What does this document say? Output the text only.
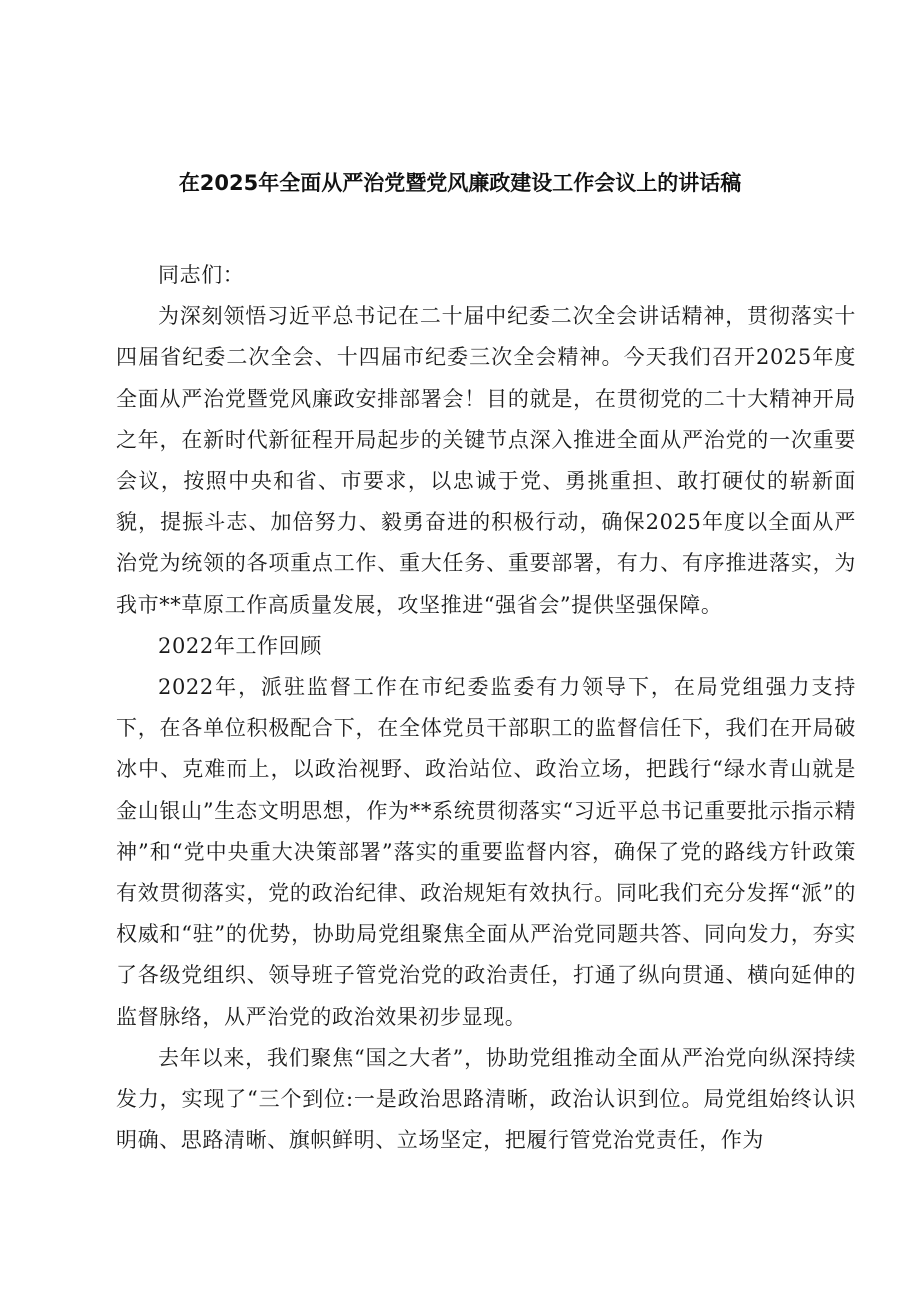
在2025年全面从严治党暨党风廉政建设工作会议上的讲话稿

同志们：

为深刻领悟习近平总书记在二十届中纪委二次全会讲话精神，贯彻落实十四届省纪委二次全会、十四届市纪委三次全会精神。今天我们召开2025年度全面从严治党暨党风廉政安排部署会！目的就是，在贯彻党的二十大精神开局之年，在新时代新征程开局起步的关键节点深入推进全面从严治党的一次重要会议，按照中央和省、市要求，以忠诚于党、勇挑重担、敢打硬仗的崭新面貌，提振斗志、加倍努力、毅勇奋进的积极行动，确保2025年度以全面从严治党为统领的各项重点工作、重大任务、重要部署，有力、有序推进落实，为我市**草原工作高质量发展，攻坚推进“强省会”提供坚强保障。

2022年工作回顾

2022年，派驻监督工作在市纪委监委有力领导下，在局党组强力支持下，在各单位积极配合下，在全体党员干部职工的监督信任下，我们在开局破冰中、克难而上，以政治视野、政治站位、政治立场，把践行“绿水青山就是金山银山”生态文明思想，作为**系统贯彻落实“习近平总书记重要批示指示精神”和“党中央重大决策部署”落实的重要监督内容，确保了党的路线方针政策有效贯彻落实，党的政治纪律、政治规矩有效执行。同叱我们充分发挥“派”的权威和“驻”的优势，协助局党组聚焦全面从严治党同题共答、同向发力，夯实了各级党组织、领导班子管党治党的政治责任，打通了纵向贯通、横向延伸的监督脉络，从严治党的政治效果初步显现。

去年以来，我们聚焦“国之大者”，协助党组推动全面从严治党向纵深持续发力，实现了“三个到位:一是政治思路清晰，政治认识到位。局党组始终认识明确、思路清晰、旗帜鲜明、立场坚定，把履行管党治党责任，作为
